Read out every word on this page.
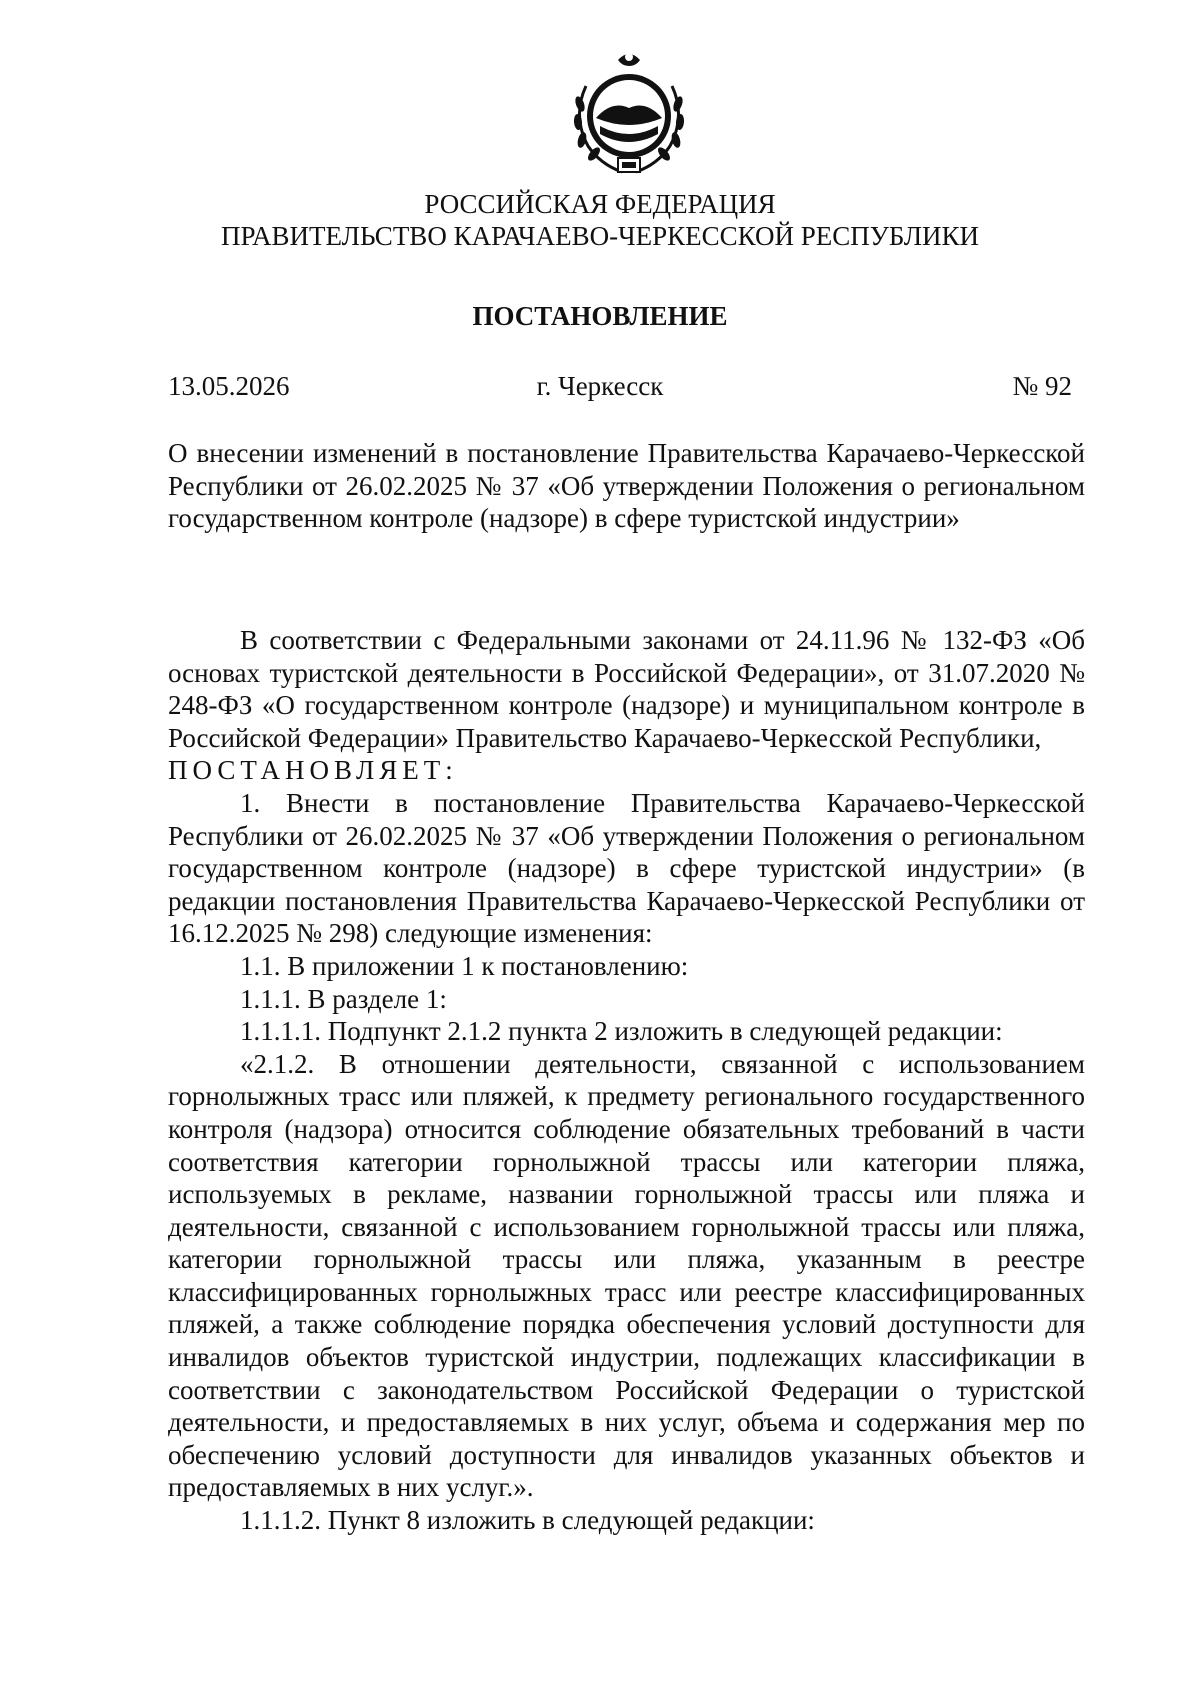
РОССИЙСКАЯ ФЕДЕРАЦИЯ
ПРАВИТЕЛЬСТВО КАРАЧАЕВО-ЧЕРКЕССКОЙ РЕСПУБЛИКИ
ПОСТАНОВЛЕНИЕ
13.05.2026	г. Черкесск	№ 92

О внесении изменений в постановление Правительства Карачаево-Черкесской Республики от 26.02.2025 № 37 «Об утверждении Положения о региональном государственном контроле (надзоре) в сфере туристской индустрии»

В соответствии с Федеральными законами от 24.11.96 № 132-ФЗ «Об основах туристской деятельности в Российской Федерации», от 31.07.2020 № 248-ФЗ «О государственном контроле (надзоре) и муниципальном контроле в Российской Федерации» Правительство Карачаево-Черкесской Республики,

ПОСТАНОВЛЯЕТ:

1. Внести в постановление Правительства Карачаево-Черкесской Республики от 26.02.2025 № 37 «Об утверждении Положения о региональном государственном контроле (надзоре) в сфере туристской индустрии» (в редакции постановления Правительства Карачаево-Черкесской Республики от 16.12.2025 № 298) следующие изменения:

1.1. В приложении 1 к постановлению:

1.1.1. В разделе 1:

1.1.1.1. Подпункт 2.1.2 пункта 2 изложить в следующей редакции:

«2.1.2. В отношении деятельности, связанной с использованием горнолыжных трасс или пляжей, к предмету регионального государственного контроля (надзора) относится соблюдение обязательных требований в части соответствия категории горнолыжной трассы или категории пляжа, используемых в рекламе, названии горнолыжной трассы или пляжа и деятельности, связанной с использованием горнолыжной трассы или пляжа, категории горнолыжной трассы или пляжа, указанным в реестре классифицированных горнолыжных трасс или реестре классифицированных пляжей, а также соблюдение порядка обеспечения условий доступности для инвалидов объектов туристской индустрии, подлежащих классификации в соответствии с законодательством Российской Федерации о туристской деятельности, и предоставляемых в них услуг, объема и содержания мер по обеспечению условий доступности для инвалидов указанных объектов и предоставляемых в них услуг.».

1.1.1.2. Пункт 8 изложить в следующей редакции:
